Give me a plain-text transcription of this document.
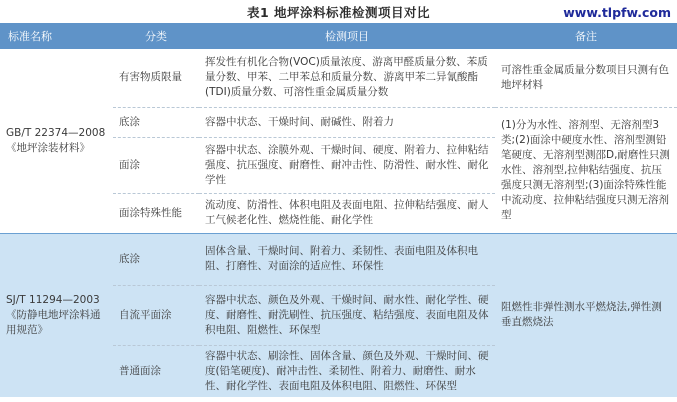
表1 地坪涂料标准检测项目对比	www.tlpfw.com
标准名称	分类	检测项目	备注

GB/T 22374—2008
《地坪涂装材料》	有害物质限量	挥发性有机化合物(VOC)质量浓度、游离甲醛质量分数、苯质量分数、甲苯、二甲苯总和质量分数、游离甲苯二异氰酸酯(TDI)质量分数、可溶性重金属质量分数	可溶性重金属质量分数项目只测有色地坪材料
	底涂	容器中状态、干燥时间、耐碱性、附着力	(1)分为水性、溶剂型、无溶剂型3类;(2)面涂中硬度水性、溶剂型测铅笔硬度、无溶剂型测邵D,耐磨性只测水性、溶剂型,拉伸粘结强度、抗压强度只测无溶剂型;(3)面涂特殊性能中流动度、拉伸粘结强度只测无溶剂型
	面涂	容器中状态、涂膜外观、干燥时间、硬度、附着力、拉伸粘结强度、抗压强度、耐磨性、耐冲击性、防滑性、耐水性、耐化学性	
	面涂特殊性能	流动度、防滑性、体积电阻及表面电阻、拉伸粘结强度、耐人工气候老化性、燃烧性能、耐化学性	

SJ/T 11294—2003
《防静电地坪涂料通用规范》	底涂	固体含量、干燥时间、附着力、柔韧性、表面电阻及体积电阻、打磨性、对面涂的适应性、环保性	阻燃性非弹性测水平燃烧法,弹性测垂直燃烧法
	自流平面涂	容器中状态、颜色及外观、干燥时间、耐水性、耐化学性、硬度、耐磨性、耐洗刷性、抗压强度、粘结强度、表面电阻及体积电阻、阻燃性、环保型	
	普通面涂	容器中状态、刷涂性、固体含量、颜色及外观、干燥时间、硬度(铅笔硬度)、耐冲击性、柔韧性、附着力、耐磨性、耐水性、耐化学性、表面电阻及体积电阻、阻燃性、环保型	
